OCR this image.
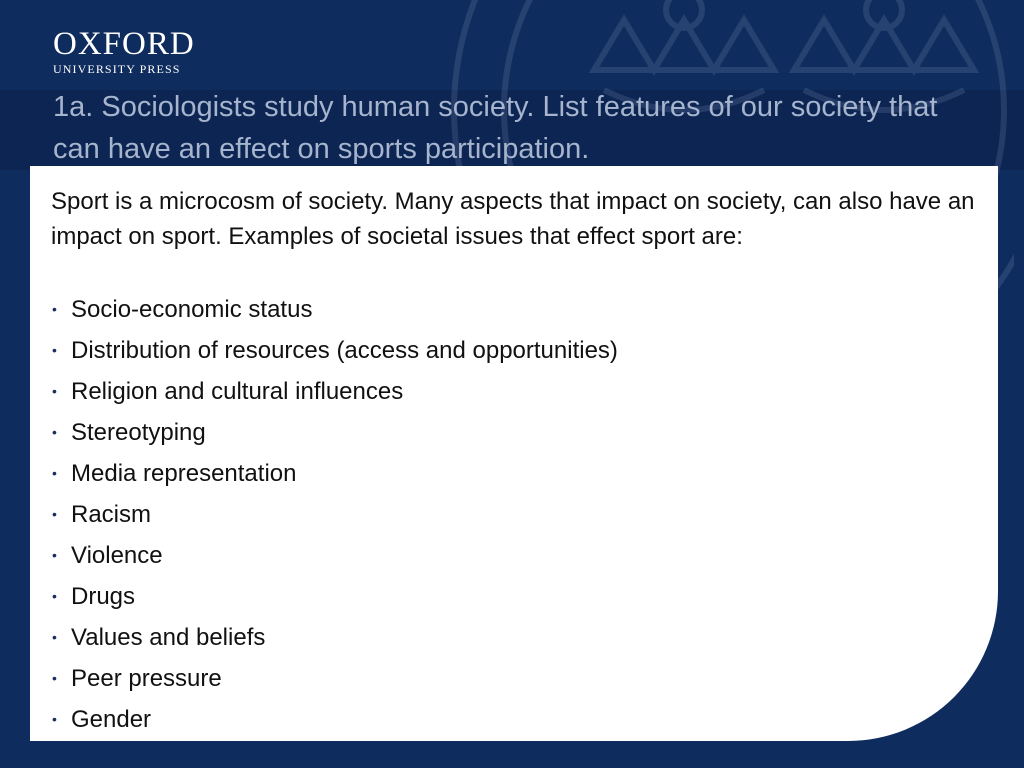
OXFORD
UNIVERSITY PRESS
1a. Sociologists study human society. List features of our society that can have an effect on sports participation.

Sport is a microcosm of society. Many aspects that impact on society, can also have an impact on sport. Examples of societal issues that effect sport are:

• Socio-economic status
• Distribution of resources (access and opportunities)
• Religion and cultural influences
• Stereotyping
• Media representation
• Racism
• Violence
• Drugs
• Values and beliefs
• Peer pressure
• Gender
